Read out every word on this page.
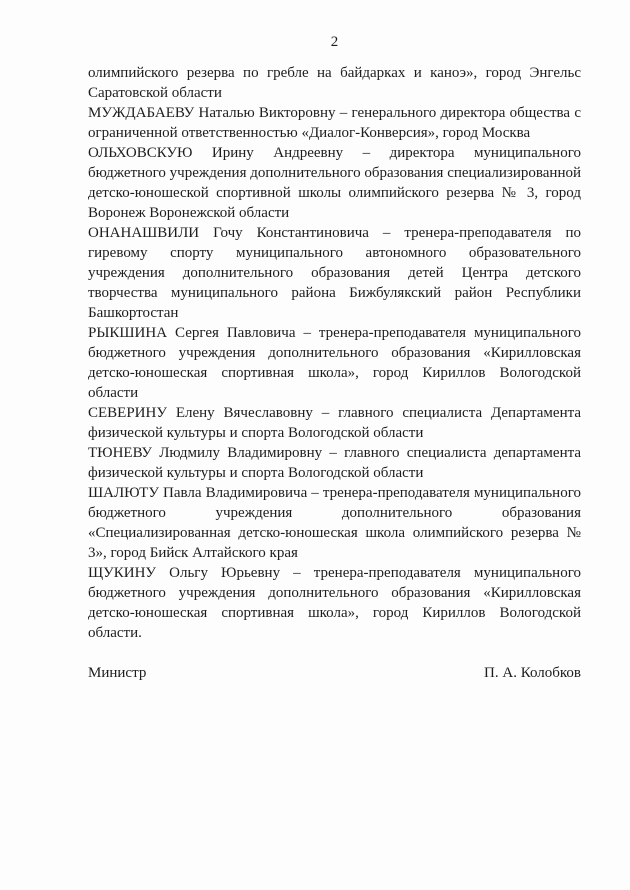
2

олимпийского резерва по гребле на байдарках и каноэ», город Энгельс Саратовской области

МУЖДАБАЕВУ Наталью Викторовну – генерального директора общества с ограниченной ответственностью «Диалог-Конверсия», город Москва

ОЛЬХОВСКУЮ Ирину Андреевну – директора муниципального бюджетного учреждения дополнительного образования специализированной детско-юношеской спортивной школы олимпийского резерва № 3, город Воронеж Воронежской области

ОНАНАШВИЛИ Гочу Константиновича – тренера-преподавателя по гиревому спорту муниципального автономного образовательного учреждения дополнительного образования детей Центра детского творчества муниципального района Бижбулякский район Республики Башкортостан

РЫКШИНА Сергея Павловича – тренера-преподавателя муниципального бюджетного учреждения дополнительного образования «Кирилловская детско-юношеская спортивная школа», город Кириллов Вологодской области

СЕВЕРИНУ Елену Вячеславовну – главного специалиста Департамента физической культуры и спорта Вологодской области

ТЮНЕВУ Людмилу Владимировну – главного специалиста департамента физической культуры и спорта Вологодской области

ШАЛЮТУ Павла Владимировича – тренера-преподавателя муниципального бюджетного учреждения дополнительного образования «Специализированная детско-юношеская школа олимпийского резерва № 3», город Бийск Алтайского края

ЩУКИНУ Ольгу Юрьевну – тренера-преподавателя муниципального бюджетного учреждения дополнительного образования «Кирилловская детско-юношеская спортивная школа», город Кириллов Вологодской области.

Министр	П. А. Колобков
